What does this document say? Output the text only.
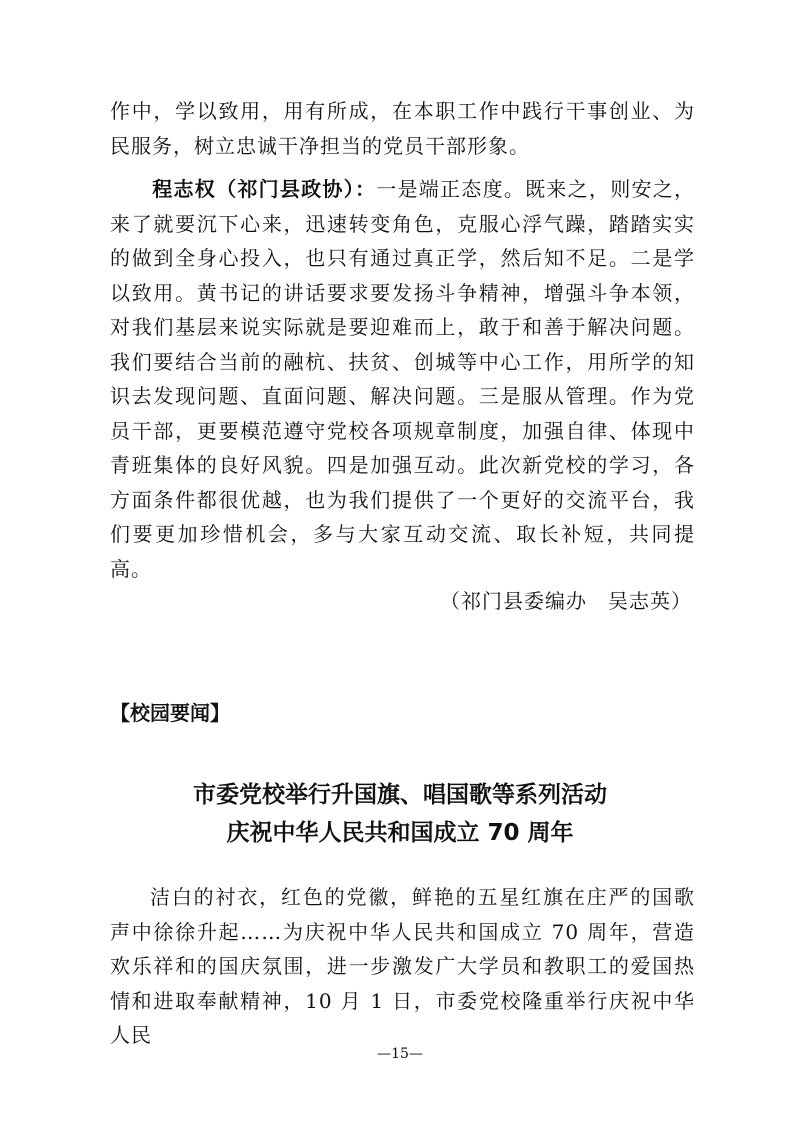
作中，学以致用，用有所成，在本职工作中践行干事创业、为民服务，树立忠诚干净担当的党员干部形象。
  程志权（祁门县政协）：一是端正态度。既来之，则安之，来了就要沉下心来，迅速转变角色，克服心浮气躁，踏踏实实的做到全身心投入，也只有通过真正学，然后知不足。二是学以致用。黄书记的讲话要求要发扬斗争精神，增强斗争本领，对我们基层来说实际就是要迎难而上，敢于和善于解决问题。我们要结合当前的融杭、扶贫、创城等中心工作，用所学的知识去发现问题、直面问题、解决问题。三是服从管理。作为党员干部，更要模范遵守党校各项规章制度，加强自律、体现中青班集体的良好风貌。四是加强互动。此次新党校的学习，各方面条件都很优越，也为我们提供了一个更好的交流平台，我们要更加珍惜机会，多与大家互动交流、取长补短，共同提高。
（祁门县委编办　吴志英）
【校园要闻】
市委党校举行升国旗、唱国歌等系列活动
庆祝中华人民共和国成立 70 周年
洁白的衬衣，红色的党徽，鲜艳的五星红旗在庄严的国歌声中徐徐升起……为庆祝中华人民共和国成立 70 周年，营造欢乐祥和的国庆氛围，进一步激发广大学员和教职工的爱国热情和进取奉献精神，10 月 1 日，市委党校隆重举行庆祝中华人民
—15—
